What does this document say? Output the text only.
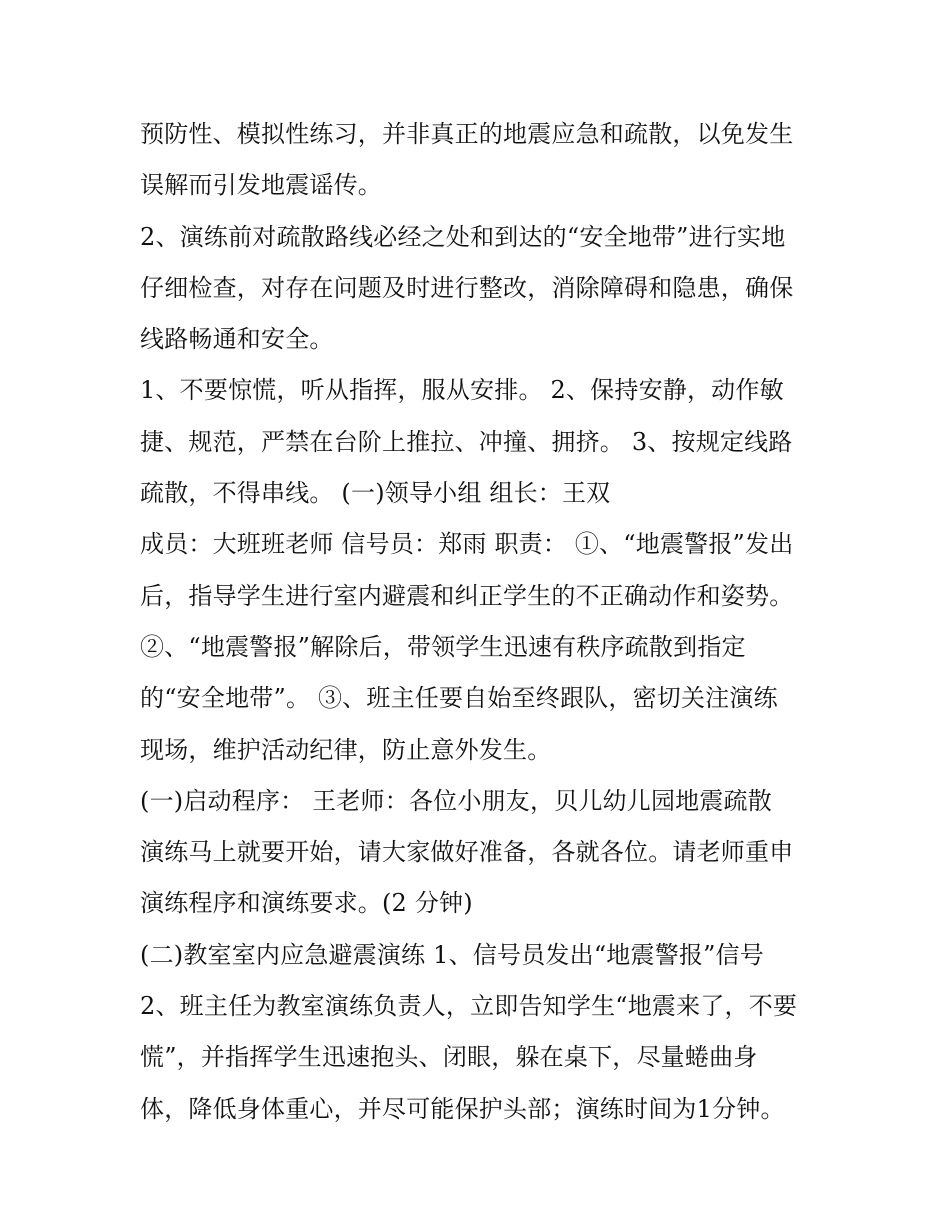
预防性、模拟性练习，并非真正的地震应急和疏散，以免发生
误解而引发地震谣传。
2、演练前对疏散路线必经之处和到达的“安全地带”进行实地
仔细检查，对存在问题及时进行整改，消除障碍和隐患，确保
线路畅通和安全。
1、不要惊慌，听从指挥，服从安排。 2、保持安静，动作敏
捷、规范，严禁在台阶上推拉、冲撞、拥挤。 3、按规定线路
疏散，不得串线。 (一)领导小组 组长：王双
成员：大班班老师 信号员：郑雨 职责： ①、“地震警报”发出
后，指导学生进行室内避震和纠正学生的不正确动作和姿势。
②、“地震警报”解除后，带领学生迅速有秩序疏散到指定
的“安全地带”。 ③、班主任要自始至终跟队，密切关注演练
现场，维护活动纪律，防止意外发生。
(一)启动程序： 王老师：各位小朋友，贝儿幼儿园地震疏散
演练马上就要开始，请大家做好准备，各就各位。请老师重申
演练程序和演练要求。(2 分钟)
(二)教室室内应急避震演练 1、信号员发出“地震警报”信号
2、班主任为教室演练负责人，立即告知学生“地震来了，不要
慌”，并指挥学生迅速抱头、闭眼，躲在桌下，尽量蜷曲身
体，降低身体重心，并尽可能保护头部；演练时间为1分钟。
